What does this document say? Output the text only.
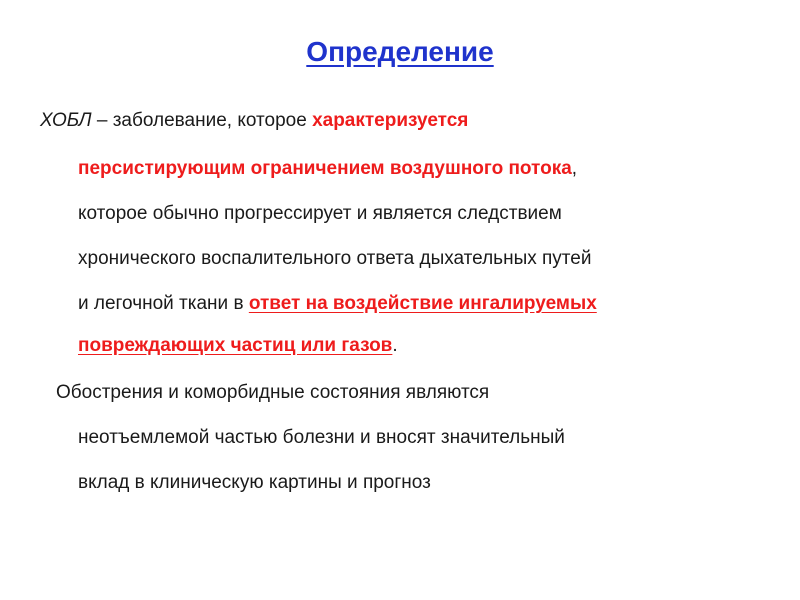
Определение
ХОБЛ – заболевание, которое характеризуется
персистирующим ограничением воздушного потока,
которое обычно прогрессирует и является следствием
хронического воспалительного ответа дыхательных путей
и легочной ткани в ответ на воздействие ингалируемых
повреждающих частиц или газов.
Обострения и коморбидные состояния являются
неотъемлемой частью болезни и вносят значительный
вклад в клиническую картины и прогноз
